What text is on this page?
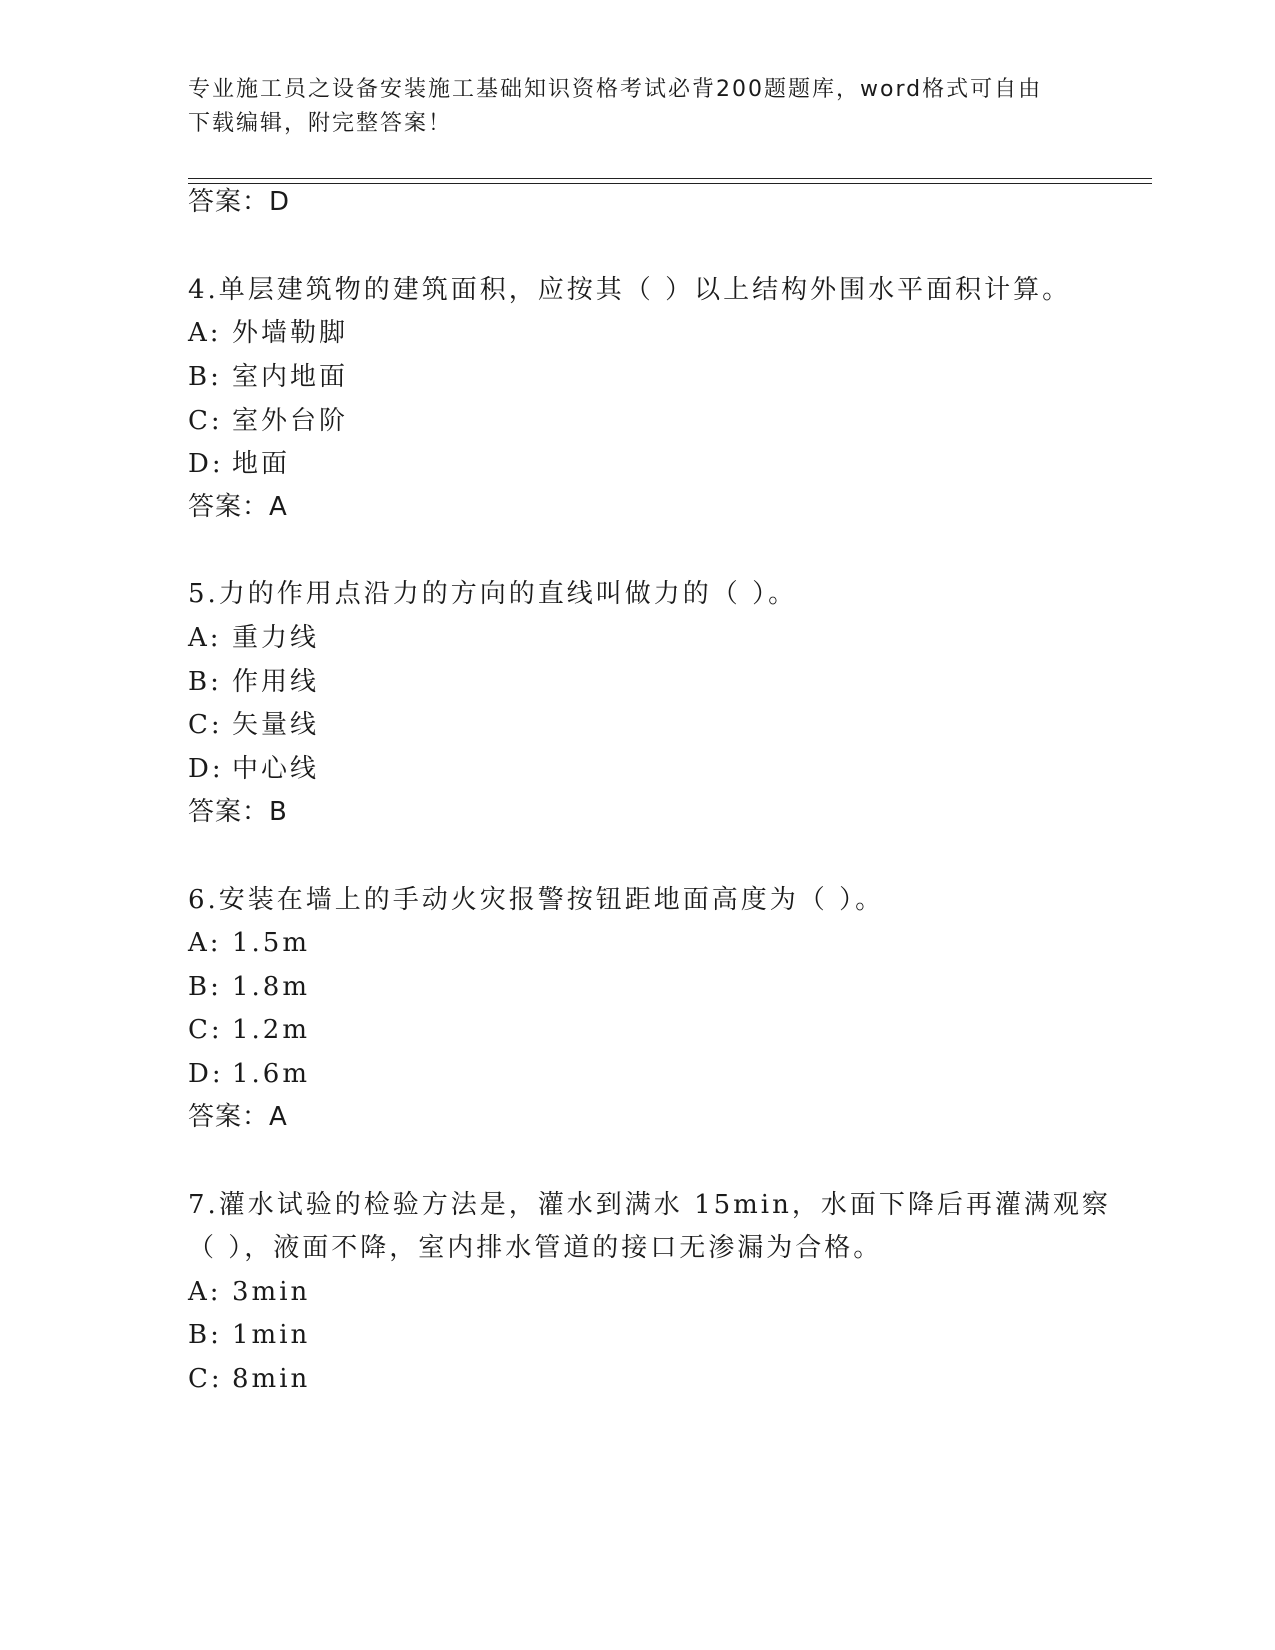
专业施工员之设备安装施工基础知识资格考试必背200题题库，word格式可自由
下载编辑，附完整答案！
答案：D
4.单层建筑物的建筑面积，应按其（ ）以上结构外围水平面积计算。
A: 外墙勒脚
B: 室内地面
C: 室外台阶
D: 地面
答案：A
5.力的作用点沿力的方向的直线叫做力的（ ）。
A: 重力线
B: 作用线
C: 矢量线
D: 中心线
答案：B
6.安装在墙上的手动火灾报警按钮距地面高度为（ ）。
A: 1.5m
B: 1.8m
C: 1.2m
D: 1.6m
答案：A
7.灌水试验的检验方法是，灌水到满水 15min，水面下降后再灌满观察
（ ），液面不降，室内排水管道的接口无渗漏为合格。
A: 3min
B: 1min
C: 8min
